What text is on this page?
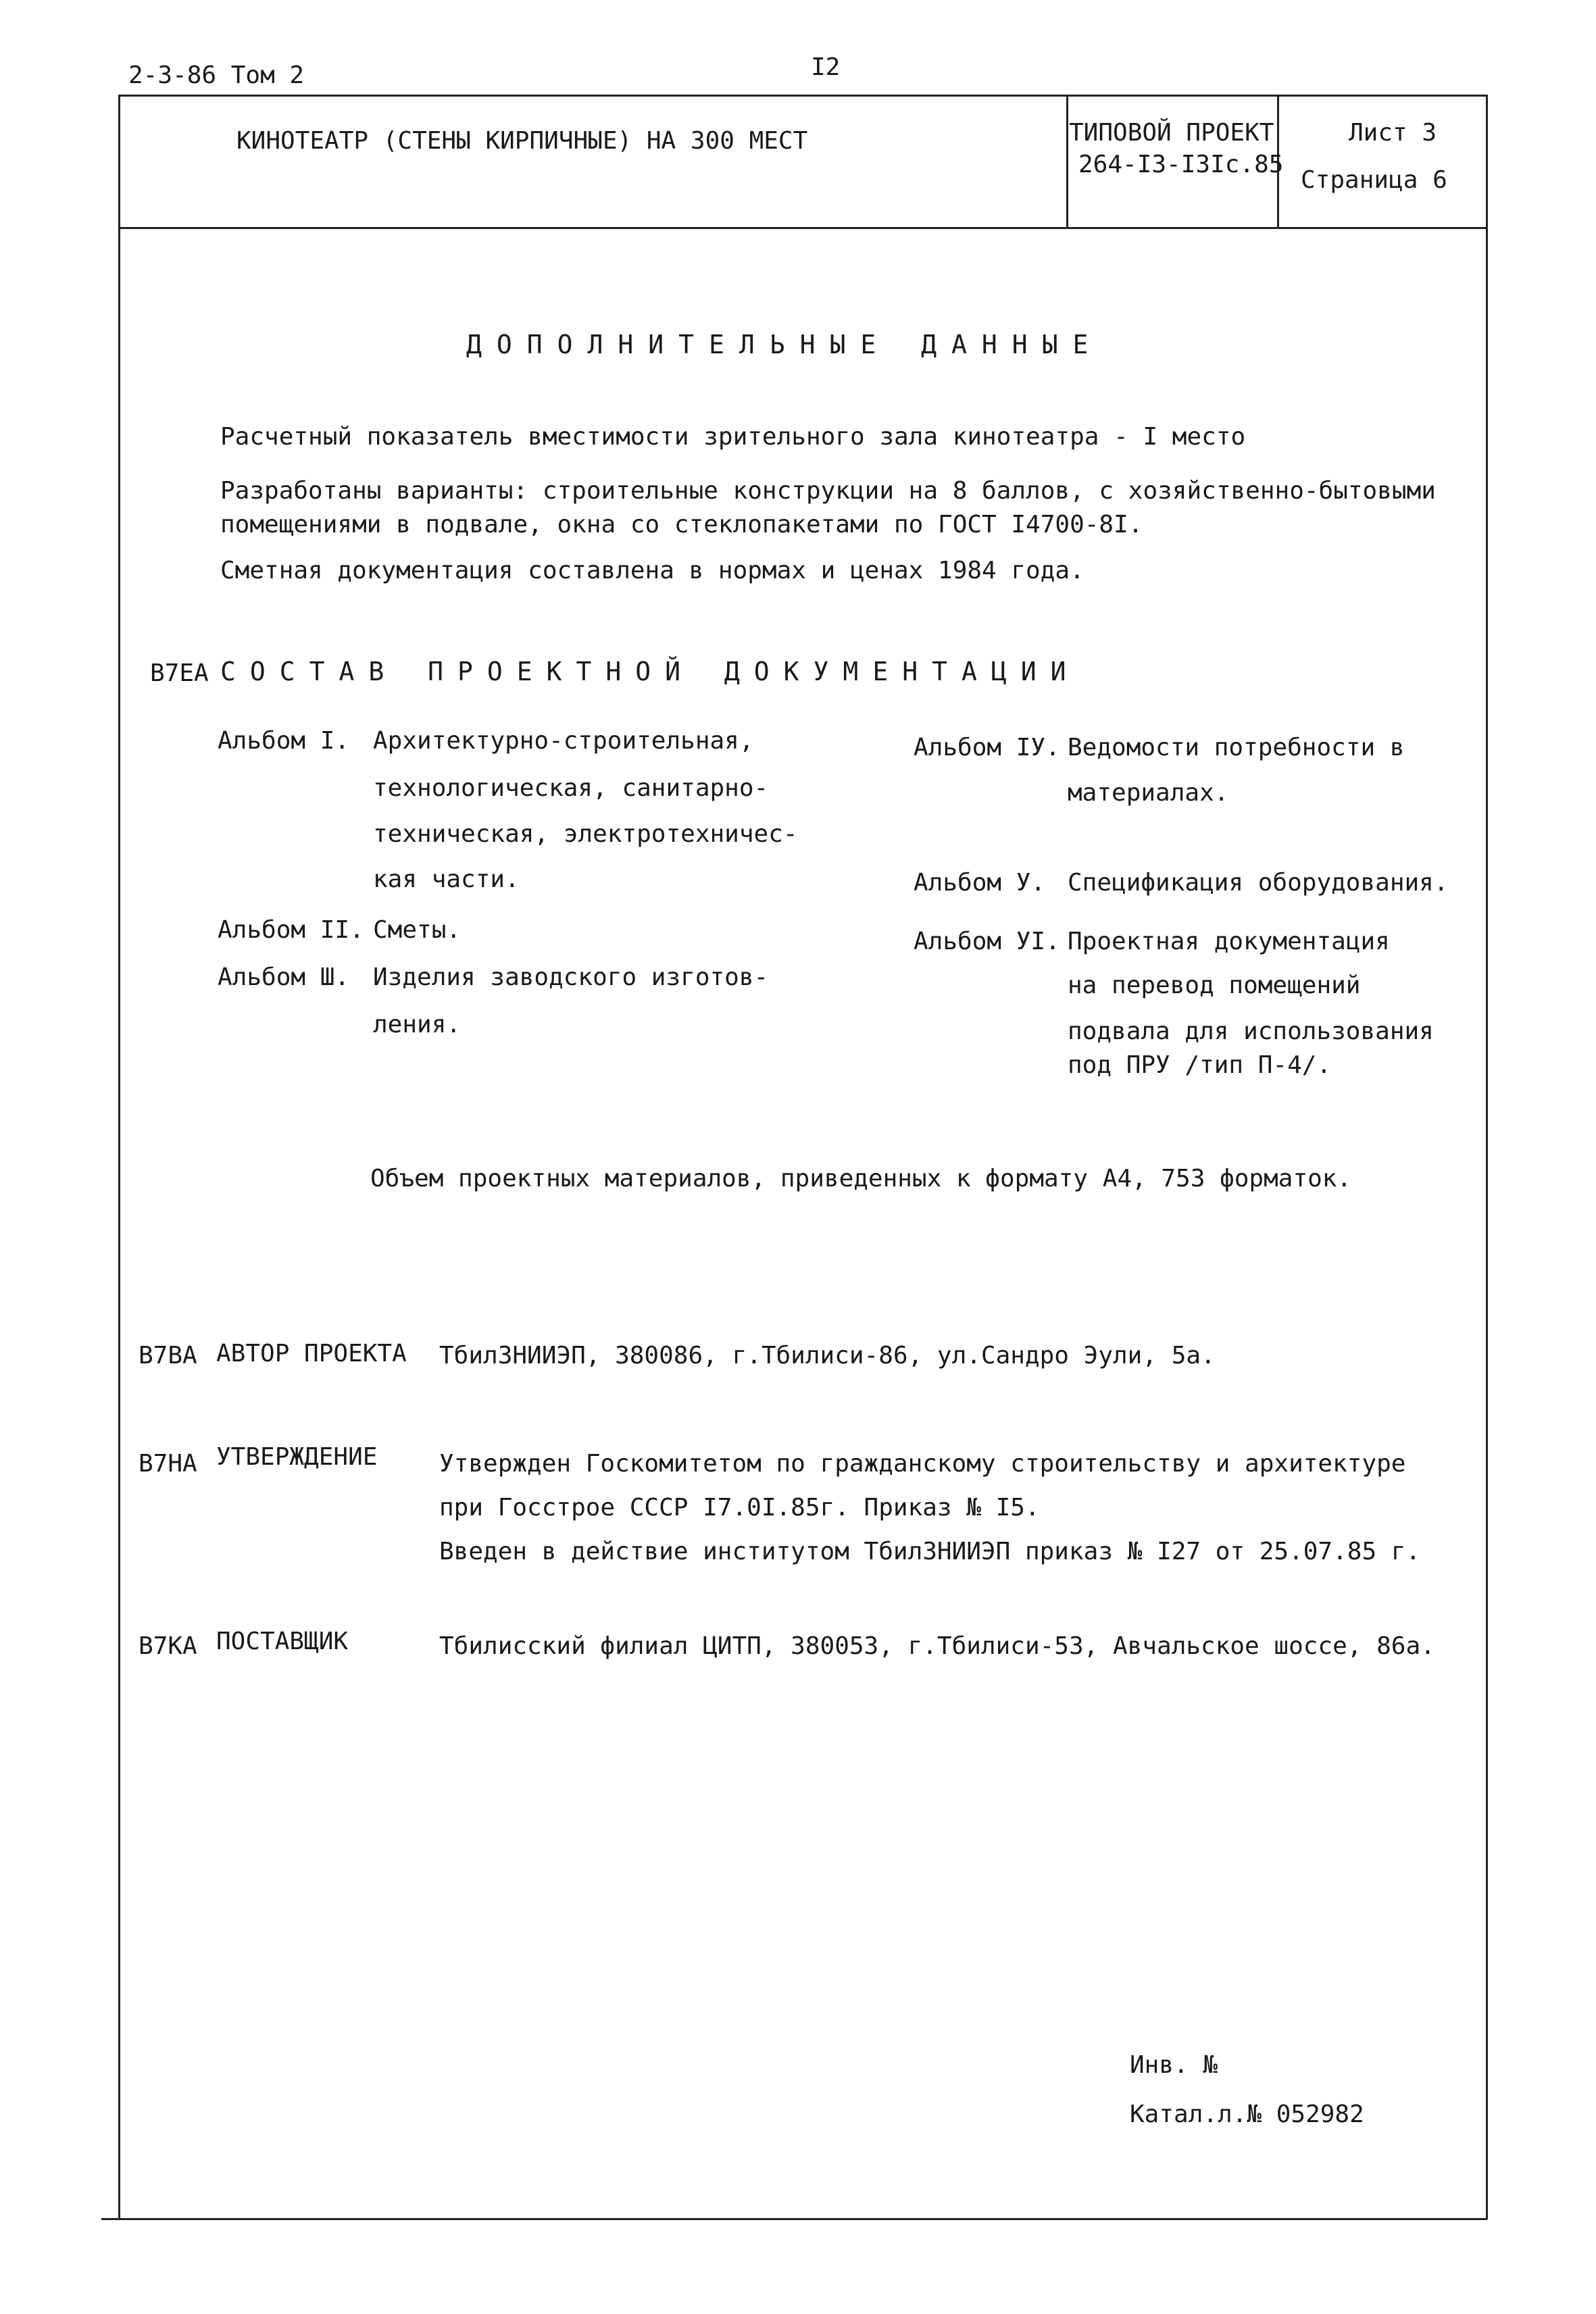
2-3-86 Том 2	I2
КИНОТЕАТР (СТЕНЫ КИРПИЧНЫЕ) НА 300 МЕСТ	ТИПОВОЙ ПРОЕКТ
264-I3-I3Iс.85
Лист 3
Страница 6
ДОПОЛНИТЕЛЬНЫЕ ДАННЫЕ
Расчетный показатель вместимости зрительного зала кинотеатра - I место
Разработаны варианты: строительные конструкции на 8 баллов, с хозяйственно-бытовыми
помещениями в подвале, окна со стеклопакетами по ГОСТ I4700-8I.
Сметная документация составлена в нормах и ценах 1984 года.
В7ЕА СОСТАВ ПРОЕКТНОЙ ДОКУМЕНТАЦИИ
Альбом I. Архитектурно-строительная,
технологическая, санитарно-
техническая, электротехничес-
кая части.
Альбом II. Сметы.
Альбом Ш. Изделия заводского изготов-
ления.
Альбом IУ. Ведомости потребности в
материалах.
Альбом У. Спецификация оборудования.
Альбом УI. Проектная документация
на перевод помещений
подвала для использования
под ПРУ /тип П-4/.
Объем проектных материалов, приведенных к формату А4, 753 форматок.
В7ВА АВТОР ПРОЕКТА ТбилЗНИИЭП, 380086, г.Тбилиси-86, ул.Сандро Эули, 5а.
В7НА УТВЕРЖДЕНИЕ	Утвержден Госкомитетом по гражданскому строительству и архитектуре
при Госстрое СССР I7.0I.85г. Приказ № I5.
Введен в действие институтом ТбилЗНИИЭП приказ № I27 от 25.07.85 г.
В7КА ПОСТАВЩИК	Тбилисский филиал ЦИТП, 380053, г.Тбилиси-53, Авчальское шоссе, 86а.
Инв. №
Катал.л.№ 052982
